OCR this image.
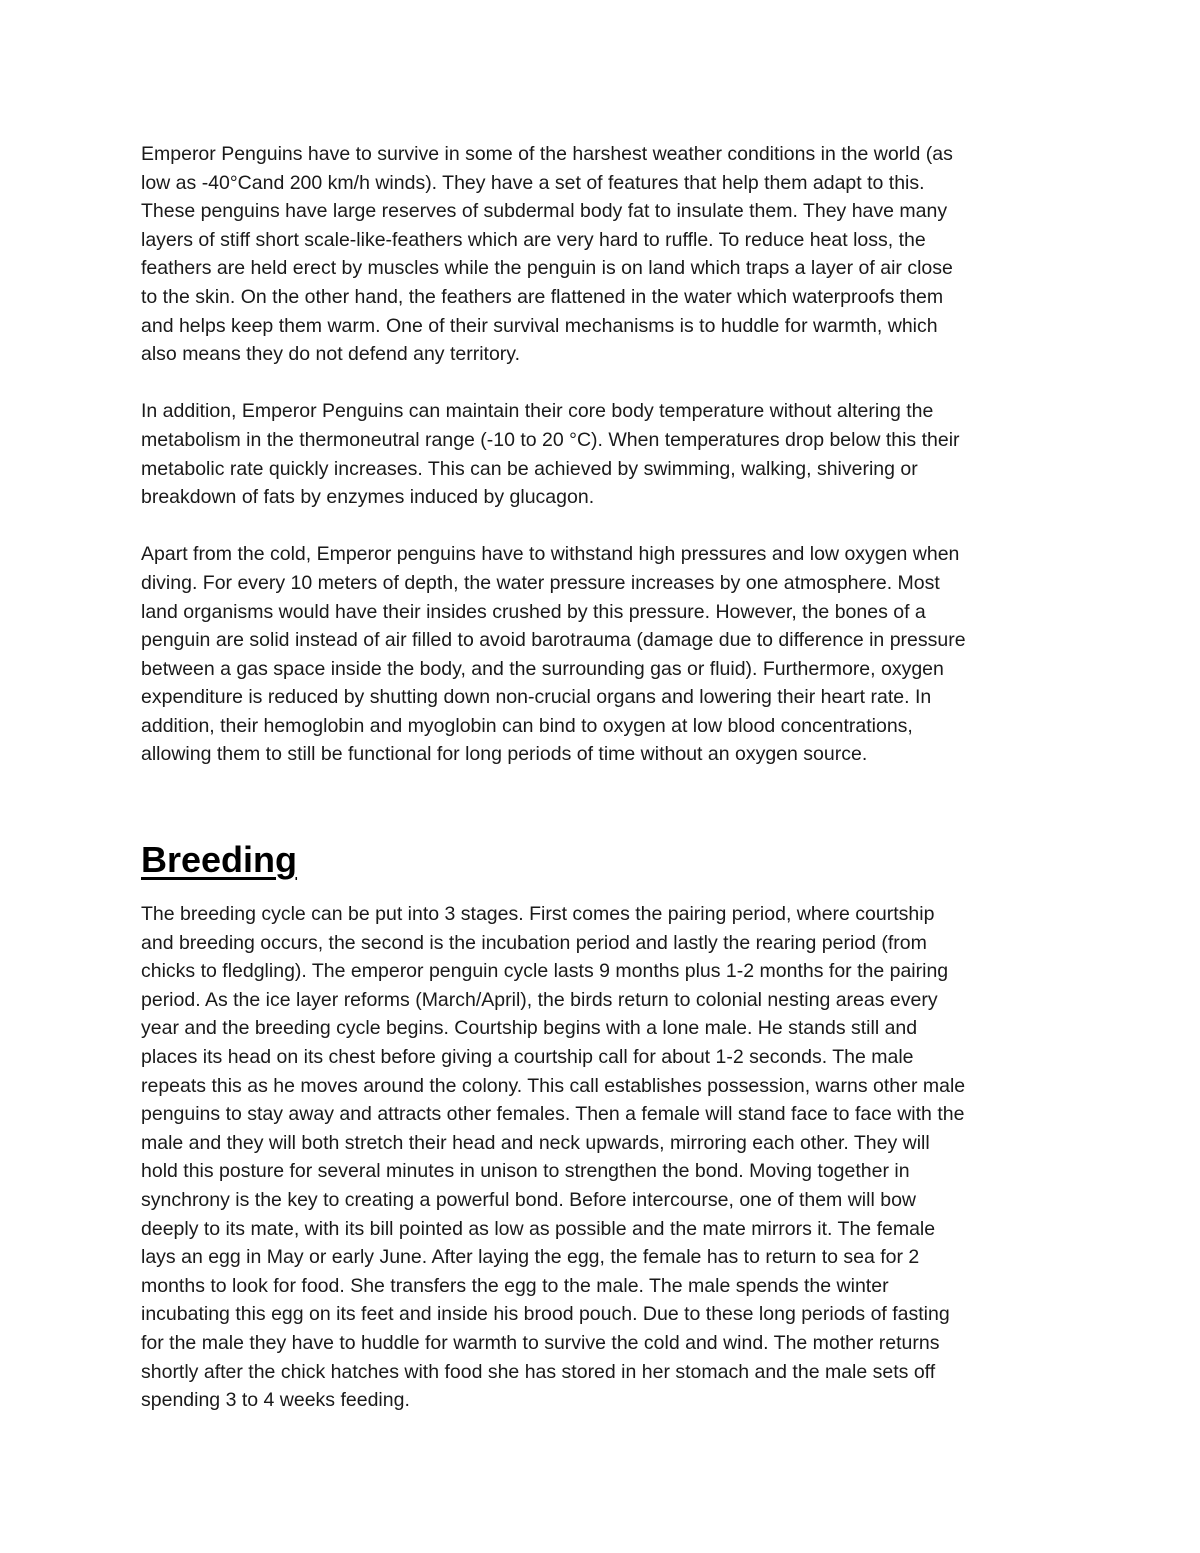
Emperor Penguins have to survive in some of the harshest weather conditions in the world (as

low as -40°Cand 200 km/h winds). They have a set of features that help them adapt to this.

These penguins have large reserves of subdermal body fat to insulate them. They have many

layers of stiff short scale-like-feathers which are very hard to ruffle. To reduce heat loss, the

feathers are held erect by muscles while the penguin is on land which traps a layer of air close

to the skin. On the other hand, the feathers are flattened in the water which waterproofs them

and helps keep them warm. One of their survival mechanisms is to huddle for warmth, which

also means they do not defend any territory.

In addition, Emperor Penguins can maintain their core body temperature without altering the

metabolism in the thermoneutral range (-10 to 20 °C). When temperatures drop below this their

metabolic rate quickly increases. This can be achieved by swimming, walking, shivering or

breakdown of fats by enzymes induced by glucagon.

Apart from the cold, Emperor penguins have to withstand high pressures and low oxygen when

diving. For every 10 meters of depth, the water pressure increases by one atmosphere. Most

land organisms would have their insides crushed by this pressure. However, the bones of a

penguin are solid instead of air filled to avoid barotrauma (damage due to difference in pressure

between a gas space inside the body, and the surrounding gas or fluid). Furthermore, oxygen

expenditure is reduced by shutting down non-crucial organs and lowering their heart rate. In

addition, their hemoglobin and myoglobin can bind to oxygen at low blood concentrations,

allowing them to still be functional for long periods of time without an oxygen source.

Breeding

The breeding cycle can be put into 3 stages. First comes the pairing period, where courtship

and breeding occurs, the second is the incubation period and lastly the rearing period (from

chicks to fledgling). The emperor penguin cycle lasts 9 months plus 1-2 months for the pairing

period. As the ice layer reforms (March/April), the birds return to colonial nesting areas every

year and the breeding cycle begins. Courtship begins with a lone male. He stands still and

places its head on its chest before giving a courtship call for about 1-2 seconds. The male

repeats this as he moves around the colony. This call establishes possession, warns other male

penguins to stay away and attracts other females. Then a female will stand face to face with the

male and they will both stretch their head and neck upwards, mirroring each other. They will

hold this posture for several minutes in unison to strengthen the bond. Moving together in

synchrony is the key to creating a powerful bond. Before intercourse, one of them will bow

deeply to its mate, with its bill pointed as low as possible and the mate mirrors it. The female

lays an egg in May or early June. After laying the egg, the female has to return to sea for 2

months to look for food. She transfers the egg to the male. The male spends the winter

incubating this egg on its feet and inside his brood pouch. Due to these long periods of fasting

for the male they have to huddle for warmth to survive the cold and wind. The mother returns

shortly after the chick hatches with food she has stored in her stomach and the male sets off

spending 3 to 4 weeks feeding.
